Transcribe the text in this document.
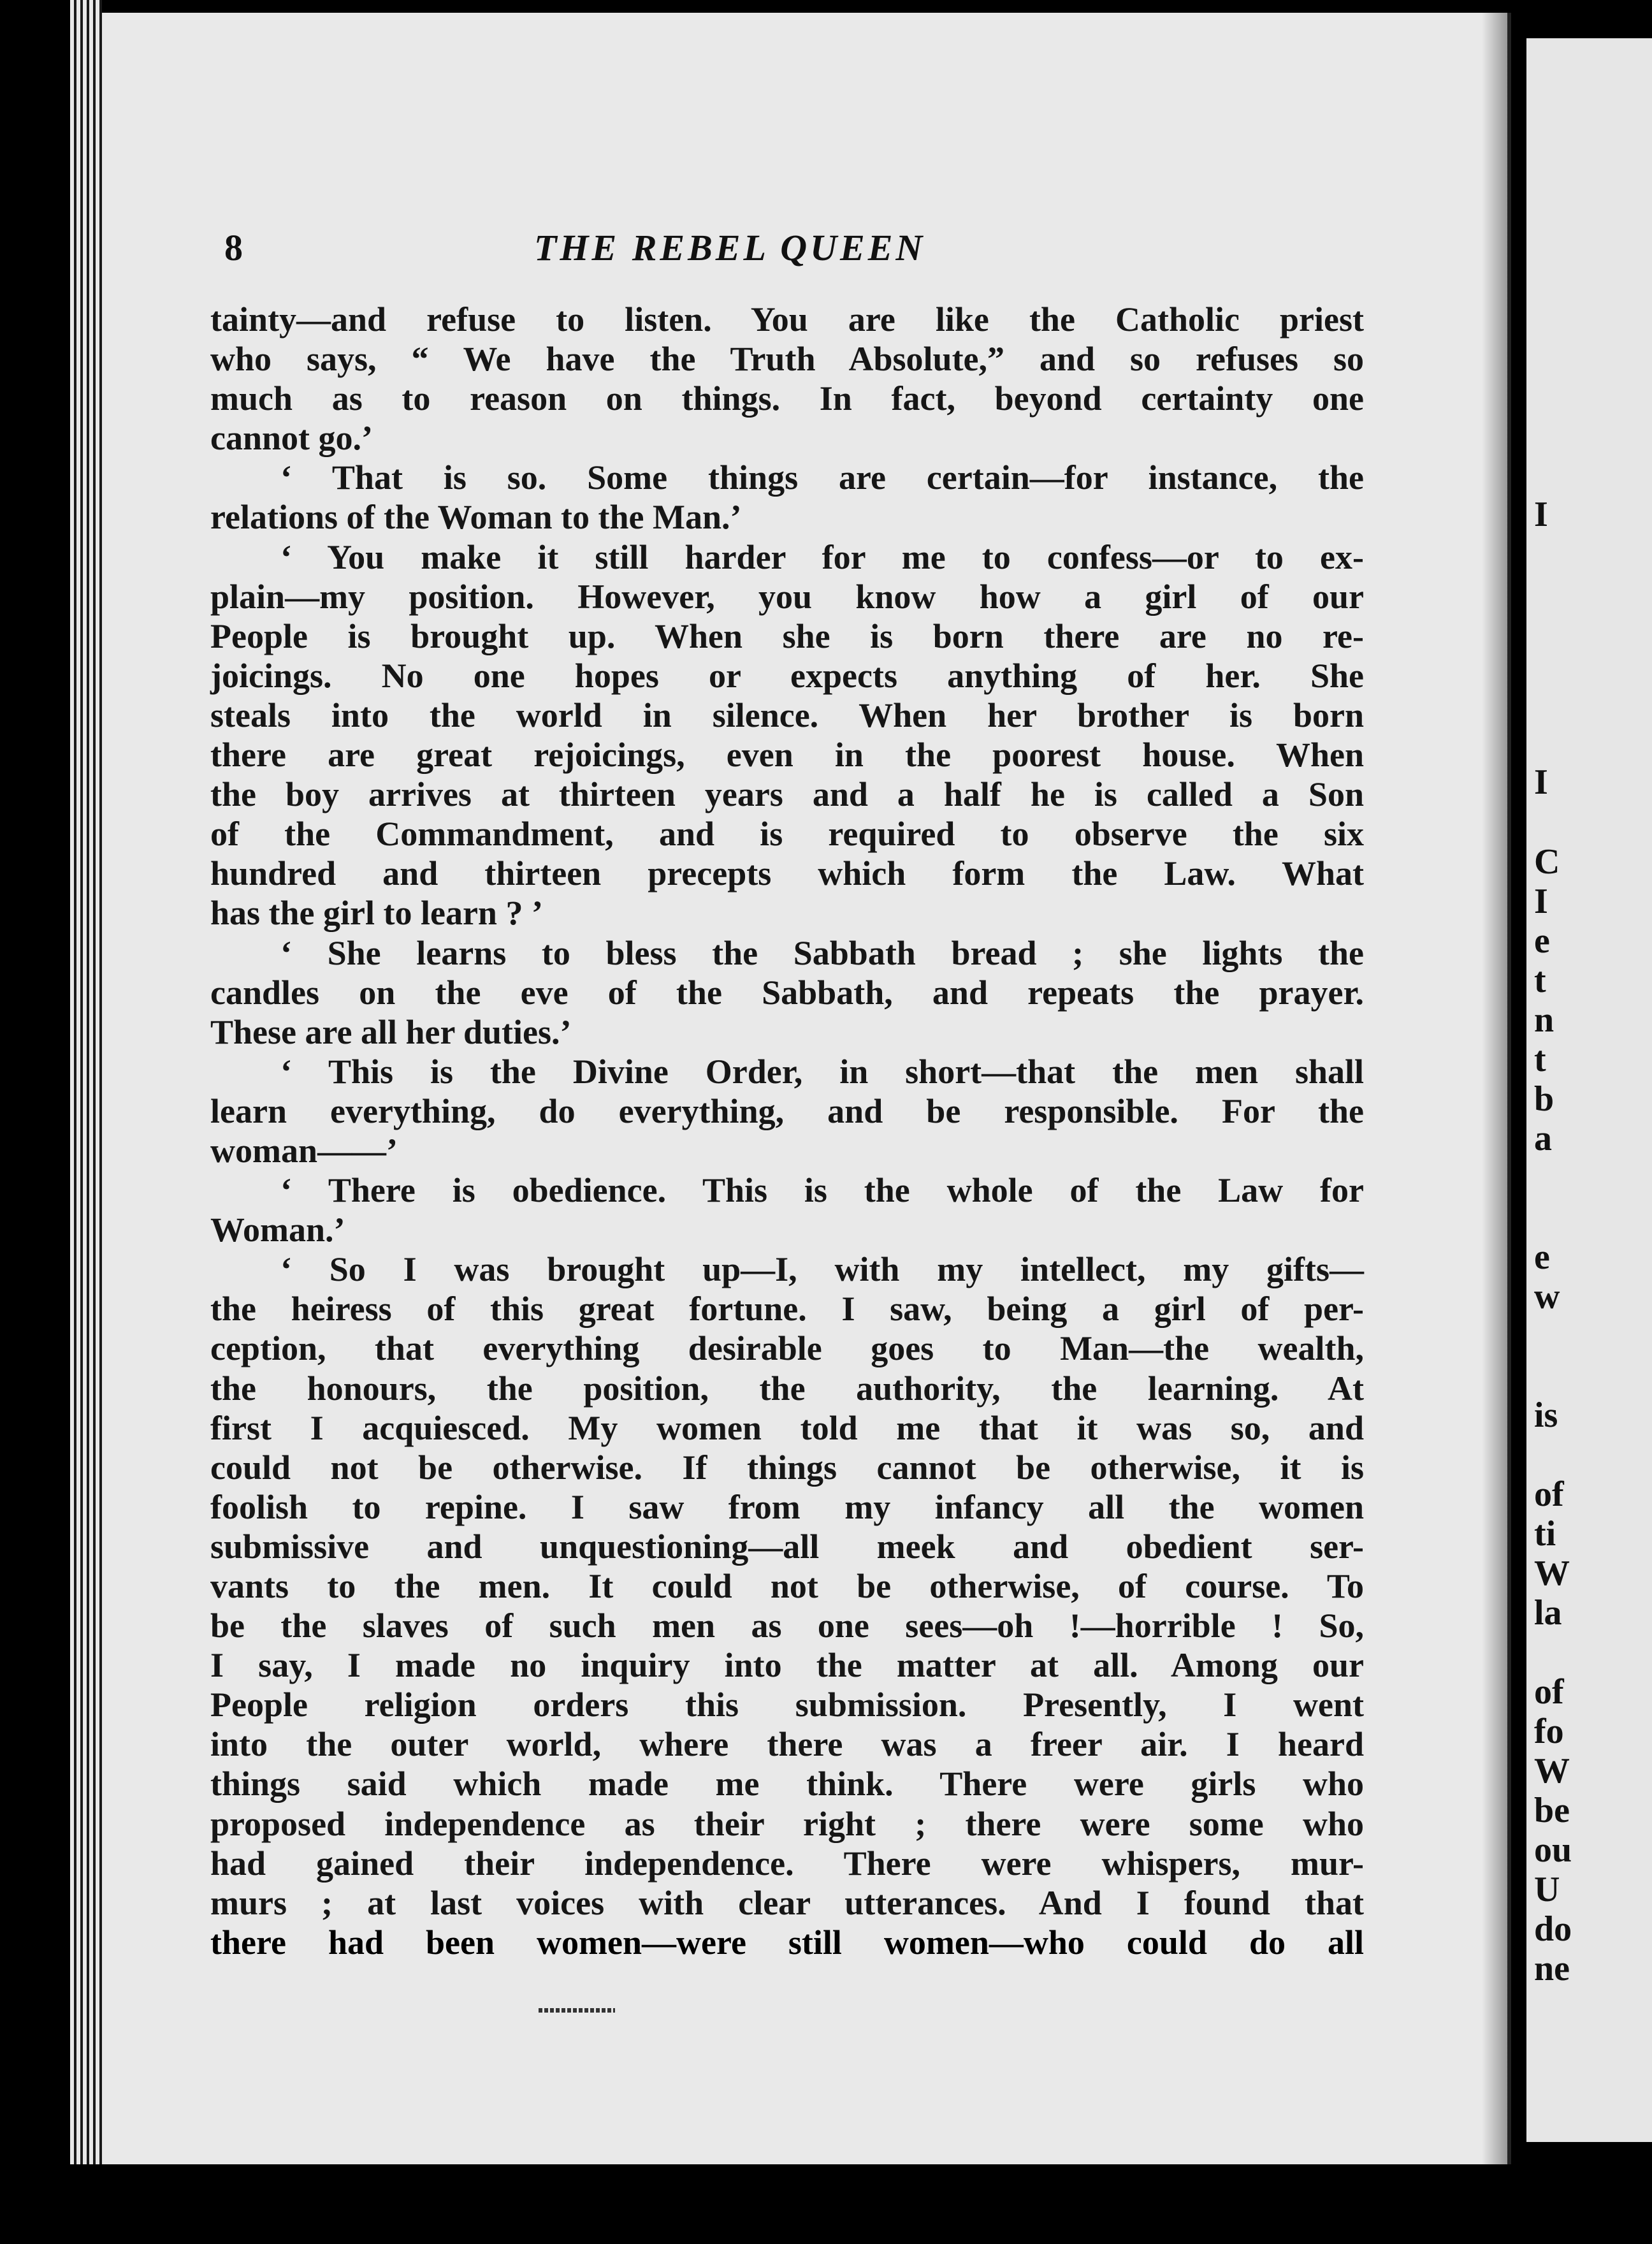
8	THE REBEL QUEEN
tainty—and refuse to listen. You are like the Catholic priest
who says, “ We have the Truth Absolute,” and so refuses so
much as to reason on things. In fact, beyond certainty one
cannot go.’
‘ That is so. Some things are certain—for instance, the
relations of the Woman to the Man.’
‘ You make it still harder for me to confess—or to ex-
plain—my position. However, you know how a girl of our
People is brought up. When she is born there are no re-
joicings. No one hopes or expects anything of her. She
steals into the world in silence. When her brother is born
there are great rejoicings, even in the poorest house. When
the boy arrives at thirteen years and a half he is called a Son
of the Commandment, and is required to observe the six
hundred and thirteen precepts which form the Law. What
has the girl to learn ? ’
‘ She learns to bless the Sabbath bread ; she lights the
candles on the eve of the Sabbath, and repeats the prayer.
These are all her duties.’
‘ This is the Divine Order, in short—that the men shall
learn everything, do everything, and be responsible. For the
woman——’
‘ There is obedience. This is the whole of the Law for
Woman.’
‘ So I was brought up—I, with my intellect, my gifts—
the heiress of this great fortune. I saw, being a girl of per-
ception, that everything desirable goes to Man—the wealth,
the honours, the position, the authority, the learning. At
first I acquiesced. My women told me that it was so, and
could not be otherwise. If things cannot be otherwise, it is
foolish to repine. I saw from my infancy all the women
submissive and unquestioning—all meek and obedient ser-
vants to the men. It could not be otherwise, of course. To
be the slaves of such men as one sees—oh !—horrible ! So,
I say, I made no inquiry into the matter at all. Among our
People religion orders this submission. Presently, I went
into the outer world, where there was a freer air. I heard
things said which made me think. There were girls who
proposed independence as their right ; there were some who
had gained their independence. There were whispers, mur-
murs ; at last voices with clear utterances. And I found that
there had been women—were still women—who could do all
I
I
C
I
e
t
n
t
b
a
e
w
is
of
ti
W
la
of
fo
W
be
ou
U
do
ne
